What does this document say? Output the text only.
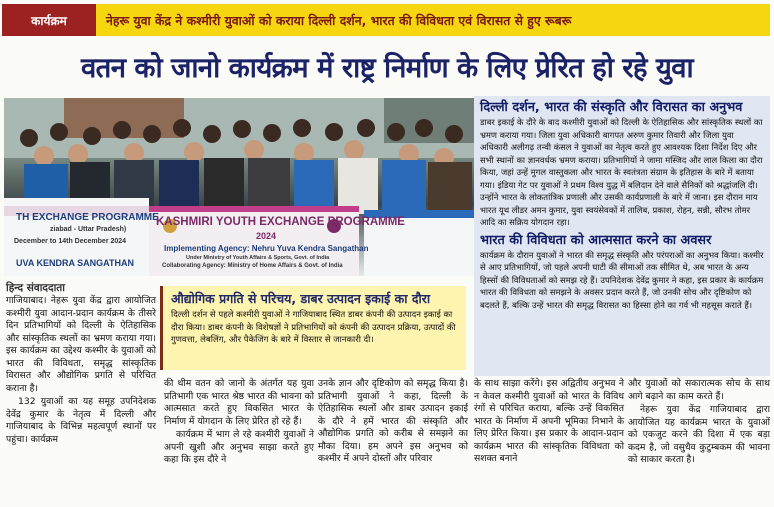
कार्यक्रम	नेहरू युवा केंद्र ने कश्मीरी युवाओं को कराया दिल्ली दर्शन, भारत की विविधता एवं विरासत से हुए रूबरू
वतन को जानो कार्यक्रम में राष्ट्र निर्माण के लिए प्रेरित हो रहे युवा
TH EXCHANGE PROGRAMME
ziabad - Uttar Pradesh)
December to 14th December 2024
UVA KENDRA SANGATHAN
KASHMIRI YOUTH EXCHANGE PROGRAMME
2024
Implementing Agency: Nehru Yuva Kendra Sangathan
Under Ministry of Youth Affairs & Sports, Govt. of India
Collaborating Agency: Ministry of Home Affairs & Govt. of India
हिन्द संवाददाता
औद्योगिक प्रगति से परिचय, डाबर उत्पादन इकाई का दौरा

दिल्ली दर्शन से पहले कश्मीरी युवाओं ने गाजियाबाद स्थित डाबर कंपनी की उत्पादन इकाई का दौरा किया। डाबर कंपनी के विशेषज्ञों ने प्रतिभागियों को कंपनी की उत्पादन प्रक्रिया, उत्पादों की गुणवत्ता, लेबलिंग, और पैकेजिंग के बारे में विस्तार से जानकारी दी।

दिल्ली दर्शन, भारत की संस्कृति और विरासत का अनुभव

डाबर इकाई के दौरे के बाद कश्मीरी युवाओं को दिल्ली के ऐतिहासिक और सांस्कृतिक स्थलों का भ्रमण कराया गया। जिला युवा अधिकारी बागपत अरुण कुमार तिवारी और जिला युवा अधिकारी अलीगढ़ तन्वी कंसल ने युवाओं का नेतृत्व करते हुए आवश्यक दिशा निर्देश दिए और सभी स्थानों का ज्ञानवर्धक भ्रमण कराया। प्रतिभागियों ने जामा मस्जिद और लाल किला का दौरा किया, जहां उन्हें मुगल वास्तुकला और भारत के स्वतंत्रता संग्राम के इतिहास के बारे में बताया गया। इंडिया गेट पर युवाओं ने प्रथम विश्व युद्ध में बलिदान देने वाले सैनिकों को श्रद्धांजलि दी। उन्होंने भारत के लोकतांत्रिक प्रणाली और उसकी कार्यप्रणाली के बारे में जाना। इस दौरान माय भारत यूथ लीडर अमन कुमार, युवा स्वयंसेवकों में तालिब, प्रकाश, रोहन, सन्नी, सौरभ तोमर आदि का सक्रिय योगदान रहा।

भारत की विविधता को आत्मसात करने का अवसर

कार्यक्रम के दौरान युवाओं ने भारत की समृद्ध संस्कृति और परंपराओं का अनुभव किया। कश्मीर से आए प्रतिभागियों, जो पहले अपनी घाटी की सीमाओं तक सीमित थे, अब भारत के अन्य हिस्सों की विविधताओं को समझ रहे हैं। उपनिदेशक देवेंद्र कुमार ने कहा, इस प्रकार के कार्यक्रम भारत की विविधता को समझने के अवसर प्रदान करते हैं, जो उनकी सोच और दृष्टिकोण को बदलते हैं, बल्कि उन्हें भारत की समृद्ध विरासत का हिस्सा होने का गर्व भी महसूस कराते हैं।

गाजियाबाद। नेहरू युवा केंद्र द्वारा आयोजित कश्मीरी युवा आदान-प्रदान कार्यक्रम के तीसरे दिन प्रतिभागियों को दिल्ली के ऐतिहासिक और सांस्कृतिक स्थलों का भ्रमण कराया गया। इस कार्यक्रम का उद्देश्य कश्मीर के युवाओं को भारत की विविधता, समृद्ध सांस्कृतिक विरासत और औद्योगिक प्रगति से परिचित कराना है।

132 युवाओं का यह समूह उपनिदेशक देवेंद्र कुमार के नेतृत्व में दिल्ली और गाजियाबाद के विभिन्न महत्वपूर्ण स्थानों पर पहुंचा। कार्यक्रम

की थीम वतन को जानो के अंतर्गत यह युवा प्रतिभागी एक भारत श्रेष्ठ भारत की भावना को आत्मसात करते हुए विकसित भारत के निर्माण में योगदान के लिए प्रेरित हो रहे हैं।

कार्यक्रम में भाग ले रहे कश्मीरी युवाओं ने अपनी खुशी और अनुभव साझा करते हुए कहा कि इस दौरे ने

उनके ज्ञान और दृष्टिकोण को समृद्ध किया है। प्रतिभागी युवाओं ने कहा, दिल्ली के ऐतिहासिक स्थलों और डाबर उत्पादन इकाई के दौरे ने हमें भारत की संस्कृति और औद्योगिक प्रगति को करीब से समझने का मौका दिया। हम अपने इस अनुभव को कश्मीर में अपने दोस्तों और परिवार

के साथ साझा करेंगे। इस अद्वितीय अनुभव ने न केवल कश्मीरी युवाओं को भारत के विविध रंगों से परिचित कराया, बल्कि उन्हें विकसित भारत के निर्माण में अपनी भूमिका निभाने के लिए प्रेरित किया। इस प्रकार के आदान-प्रदान कार्यक्रम भारत की सांस्कृतिक विविधता को सशक्त बनाने

और युवाओं को सकारात्मक सोच के साथ आगे बढ़ाने का काम करते हैं।

नेहरू युवा केंद्र गाजियाबाद द्वारा आयोजित यह कार्यक्रम भारत के युवाओं को एकजुट करने की दिशा में एक बड़ा कदम है, जो वसुधैव कुटुम्बकम की भावना को साकार करता है।
